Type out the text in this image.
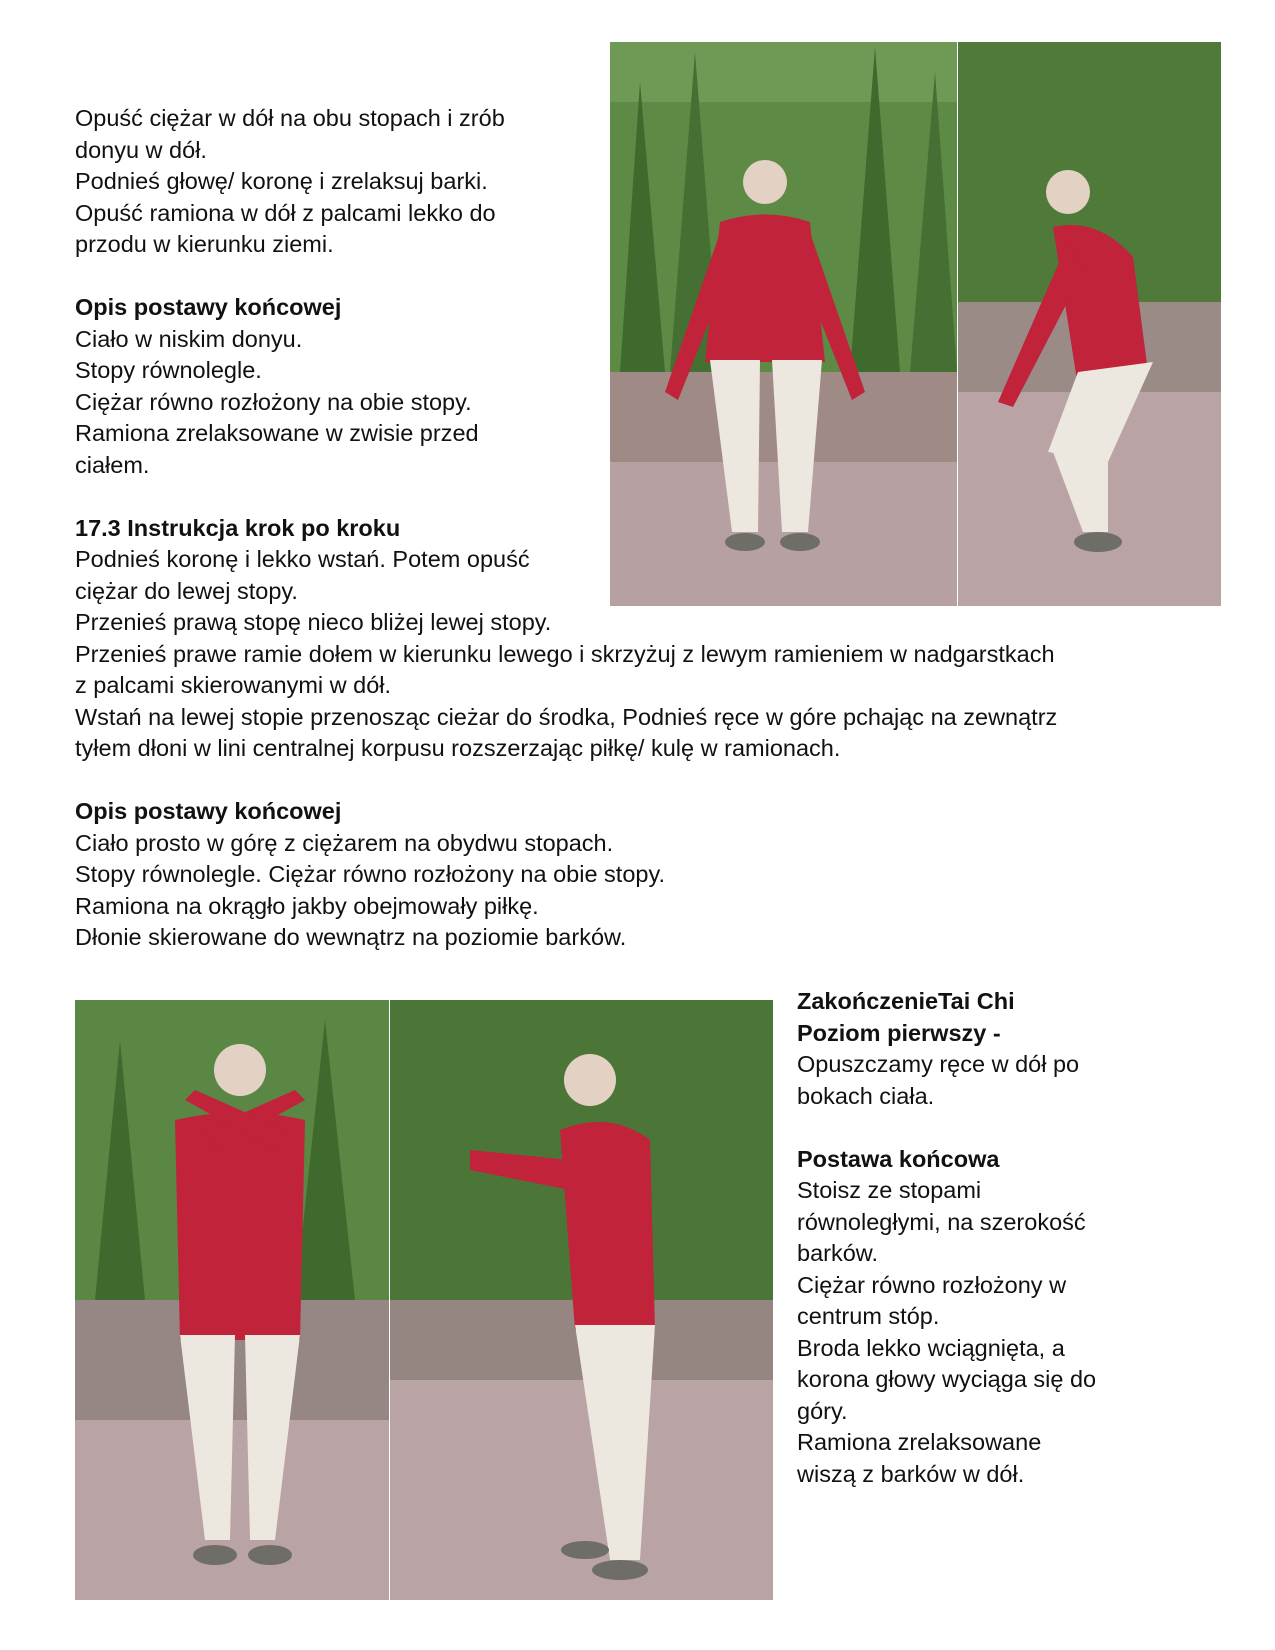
Opuść ciężar w dół na obu stopach i zrób

donyu w dół.

Podnieś głowę/ koronę i zrelaksuj barki.

Opuść ramiona w dół z palcami lekko do

przodu w kierunku ziemi.

Opis postawy końcowej

Ciało w niskim donyu.

Stopy równolegle.

Ciężar równo rozłożony na obie stopy.

Ramiona zrelaksowane w zwisie przed

ciałem.

17.3 Instrukcja krok po kroku

Podnieś koronę i lekko wstań. Potem opuść

ciężar do lewej stopy.

Przenieś prawą stopę nieco bliżej lewej stopy.

Przenieś prawe ramie dołem w kierunku lewego i skrzyżuj z lewym ramieniem w nadgarstkach

z palcami skierowanymi w dół.

Wstań na lewej stopie przenosząc cieżar do środka, Podnieś ręce w góre pchając na zewnątrz

tyłem dłoni w lini centralnej korpusu rozszerzając piłkę/ kulę w ramionach.

Opis postawy końcowej

Ciało prosto w górę z ciężarem na obydwu stopach.

Stopy równolegle. Ciężar równo rozłożony na obie stopy.

Ramiona na okrągło jakby obejmowały piłkę.

Dłonie skierowane do wewnątrz na poziomie barków.

ZakończenieTai Chi

Poziom pierwszy -

Opuszczamy ręce w dół po

bokach ciała.

Postawa końcowa

Stoisz ze stopami

równoległymi, na szerokość

barków.

Ciężar równo rozłożony w

centrum stóp.

Broda lekko wciągnięta, a

korona głowy wyciąga się do

góry.

Ramiona zrelaksowane

wiszą z barków w dół.
